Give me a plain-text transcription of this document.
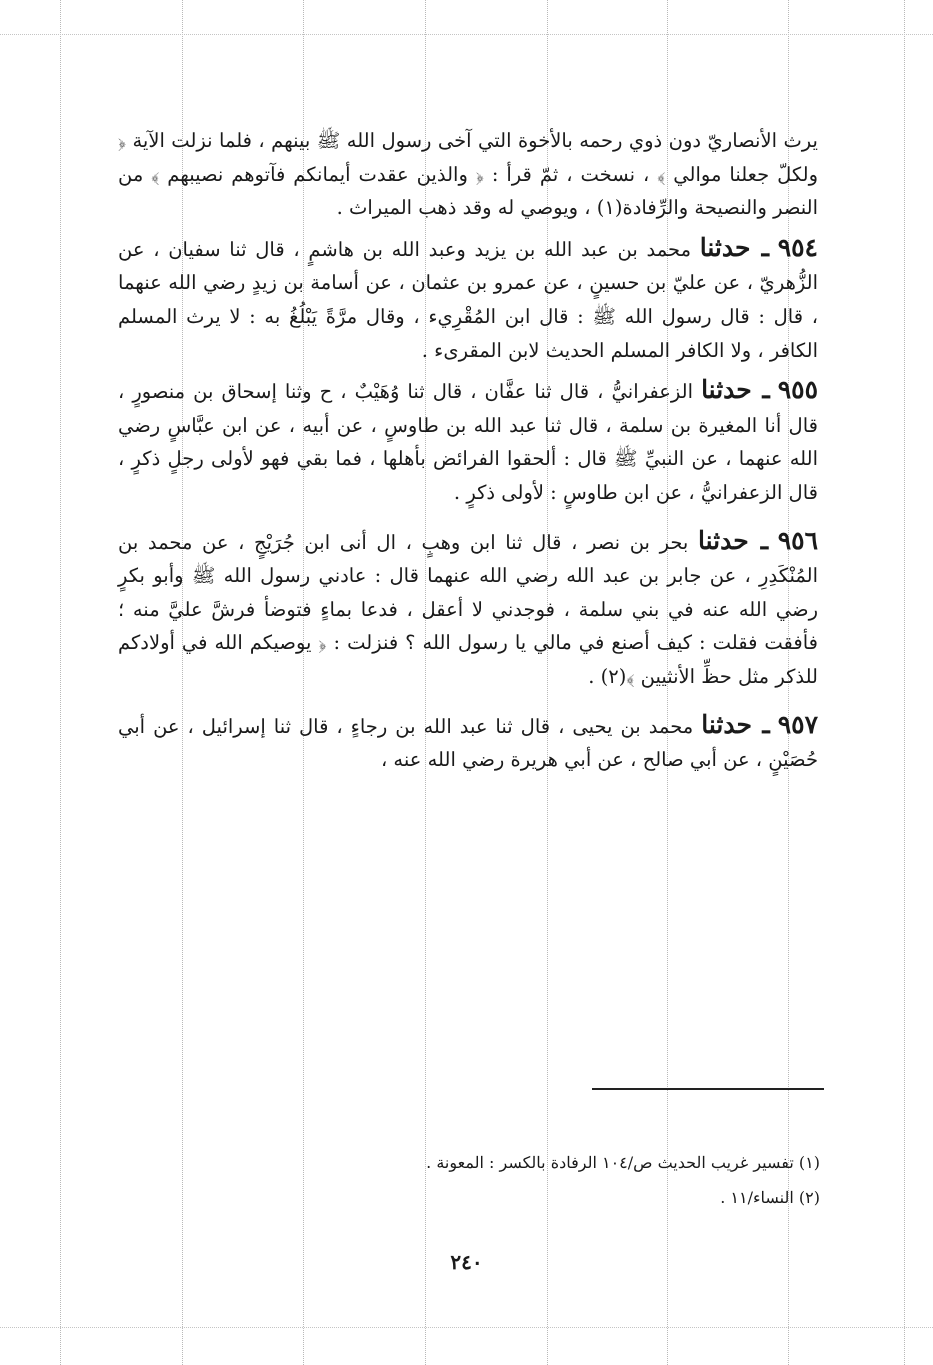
يرث الأنصاريّ دون ذوي رحمه بالأخوة التي آخى رسول الله ﷺ بينهم ، فلما نزلت الآية ﴿ ولكلّ جعلنا موالي ﴾ ، نسخت ، ثمّ قرأ : ﴿ والذين عقدت أيمانكم فآتوهم نصيبهم ﴾ من النصر والنصيحة والرِّفادة(١) ، ويوصي له وقد ذهب الميراث .

٩٥٤ ـ حدثنا محمد بن عبد الله بن يزيد وعبد الله بن هاشمٍ ، قال ثنا سفيان ، عن الزُّهريّ ، عن عليّ بن حسينٍ ، عن عمرو بن عثمان ، عن أسامة بن زيدٍ رضي الله عنهما ، قال : قال رسول الله ﷺ : قال ابن المُقْرِيء ، وقال مرَّةً يَبْلُغُ به : لا يرث المسلم الكافر ، ولا الكافر المسلم الحديث لابن المقرىء .

٩٥٥ ـ حدثنا الزعفرانيُّ ، قال ثنا عفَّان ، قال ثنا وُهَيْبٌ ، ح وثنا إسحاق بن منصورٍ ، قال أنا المغيرة بن سلمة ، قال ثنا عبد الله بن طاوسٍ ، عن أبيه ، عن ابن عبَّاسٍ رضي الله عنهما ، عن النبيِّ ﷺ قال : ألحقوا الفرائض بأهلها ، فما بقي فهو لأولى رجلٍ ذكرٍ ، قال الزعفرانيُّ ، عن ابن طاوسٍ : لأولى ذكرٍ .

٩٥٦ ـ حدثنا بحر بن نصر ، قال ثنا ابن وهبٍ ، ال أنى ابن جُرَيْجٍ ، عن محمد بن المُنْكَدِرِ ، عن جابر بن عبد الله رضي الله عنهما قال : عادني رسول الله ﷺ وأبو بكرٍ رضي الله عنه في بني سلمة ، فوجدني لا أعقل ، فدعا بماءٍ فتوضأ فرشَّ عليَّ منه ؛ فأفقت فقلت : كيف أصنع في مالي يا رسول الله ؟ فنزلت : ﴿ يوصيكم الله في أولادكم للذكر مثل حظِّ الأنثيين ﴾(٢) .

٩٥٧ ـ حدثنا محمد بن يحيى ، قال ثنا عبد الله بن رجاءٍ ، قال ثنا إسرائيل ، عن أبي حُصَيْنٍ ، عن أبي صالح ، عن أبي هريرة رضي الله عنه ،

(١) تفسير غريب الحديث ص/١٠٤ الرفادة بالكسر : المعونة .
(٢) النساء/١١ .
٢٤٠
